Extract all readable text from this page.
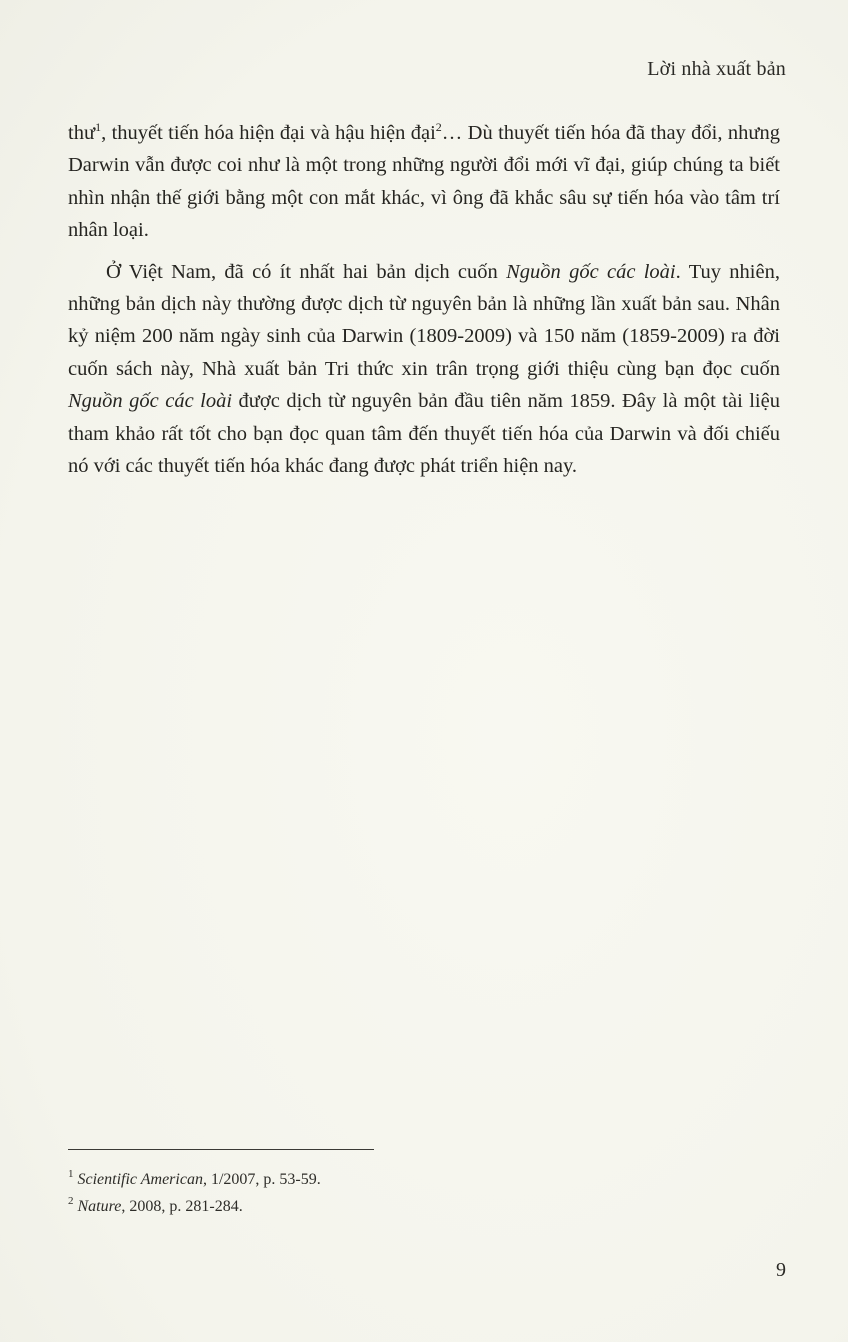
Lời nhà xuất bản

thư$^1$, thuyết tiến hóa hiện đại và hậu hiện đại$^2$… Dù thuyết tiến hóa đã thay đổi, nhưng Darwin vẫn được coi như là một trong những người đổi mới vĩ đại, giúp chúng ta biết nhìn nhận thế giới bằng một con mắt khác, vì ông đã khắc sâu sự tiến hóa vào tâm trí nhân loại.

Ở Việt Nam, đã có ít nhất hai bản dịch cuốn Nguồn gốc các loài. Tuy nhiên, những bản dịch này thường được dịch từ nguyên bản là những lần xuất bản sau. Nhân kỷ niệm 200 năm ngày sinh của Darwin (1809-2009) và 150 năm (1859-2009) ra đời cuốn sách này, Nhà xuất bản Tri thức xin trân trọng giới thiệu cùng bạn đọc cuốn Nguồn gốc các loài được dịch từ nguyên bản đầu tiên năm 1859. Đây là một tài liệu tham khảo rất tốt cho bạn đọc quan tâm đến thuyết tiến hóa của Darwin và đối chiếu nó với các thuyết tiến hóa khác đang được phát triển hiện nay.

$^1$ Scientific American, 1/2007, p. 53-59.
$^2$ Nature, 2008, p. 281-284.
9
